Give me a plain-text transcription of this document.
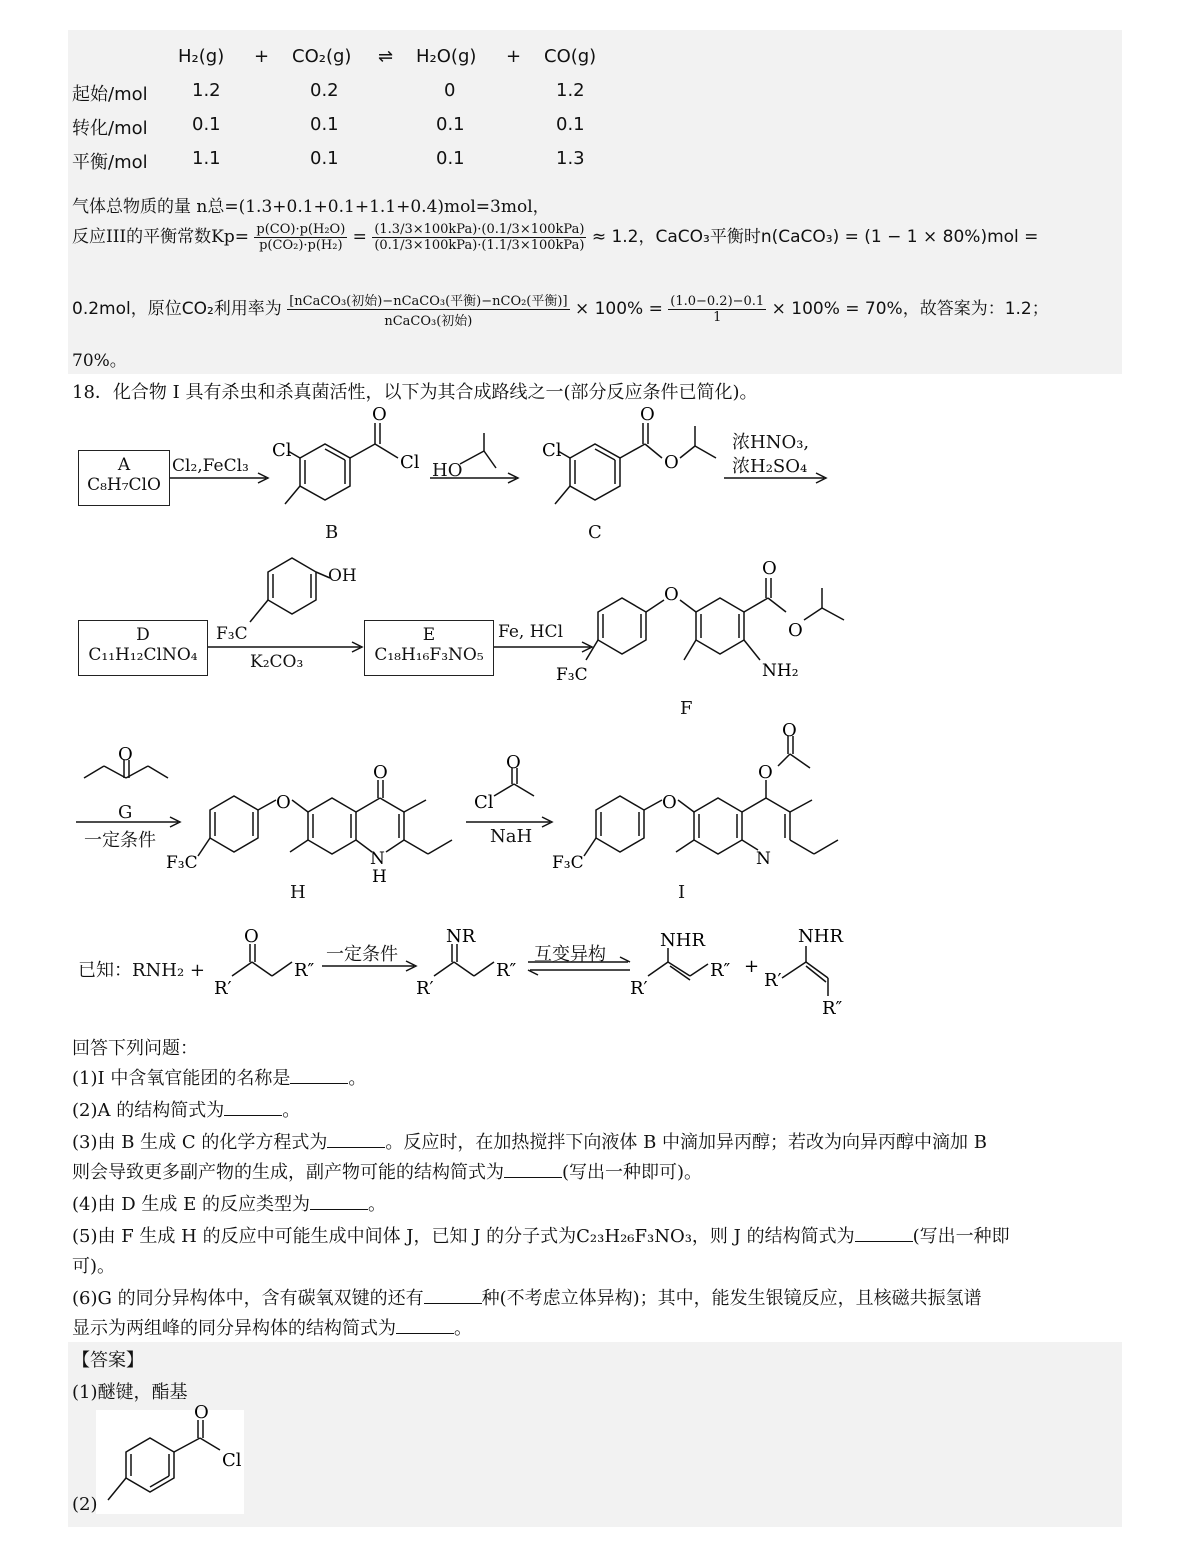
H₂(g) + CO₂(g) ⇌ H₂O(g) + CO(g)
起始/mol 1.2	0.2	0	1.2
转化/mol 0.1	0.1	0.1	0.1
平衡/mol 1.1	0.1	0.1	1.3
气体总物质的量 n总=(1.3+0.1+0.1+1.1+0.4)mol=3mol，
反应III的平衡常数$Kp= \frac{\text{p(CO)·p(H₂O)}}{\text{p(CO₂)·p(H₂)}} = \frac{\text{(1.3/3×100kPa)·(0.1/3×100kPa)}}{\text{(0.1/3×100kPa)·(1.1/3×100kPa)}} \approx 1.2$，CaCO₃平衡时n(CaCO₃) = (1 − 1 × 80%)mol =
0.2mol，原位CO₂利用率为 $\frac{\text{[nCaCO₃(初始)−nCaCO₃(平衡)−nCO₂(平衡)]}}{\text{nCaCO₃(初始)}} \times 100\% = \frac{(1.0-0.2)-0.1}{1} \times 100\% = 70\%$，故答案为：1.2；
70%。
18．化合物 I 具有杀虫和杀真菌活性，以下为其合成路线之一(部分反应条件已简化)。
A
C₈H₇ClO
Cl₂,FeCl₃
Cl
O
Cl
Cl
O
O
HO
B	C
浓HNO₃,
浓H₂SO₄
D
C₁₁H₁₂ClNO₄
E
C₁₈H₁₆F₃NO₅
F₃C
OH
K₂CO₃
Fe, HCl
F
O
O
O
NH₂
F₃C
G
一定条件
H	I
NaH
O
O
O
N
H
F₃C
O
Cl	O
O
O
N
F₃C
已知：RNH₂ +
一定条件	互变异构
O
R′
R″
NR
R′
R″
NHR
R′
R″ +
NHR
R′
R″
回答下列问题：
(1)I 中含氧官能团的名称是	。
(2)A 的结构简式为	。
(3)由 B 生成 C 的化学方程式为	。反应时，在加热搅拌下向液体 B 中滴加异丙醇；若改为向异丙醇中滴加 B
则会导致更多副产物的生成，副产物可能的结构简式为	(写出一种即可)。
(4)由 D 生成 E 的反应类型为	。
(5)由 F 生成 H 的反应中可能生成中间体 J，已知 J 的分子式为C₂₃H₂₆F₃NO₃，则 J 的结构简式为	(写出一种即
可)。
(6)G 的同分异构体中，含有碳氧双键的还有	种(不考虑立体异构)；其中，能发生银镜反应，且核磁共振氢谱
显示为两组峰的同分异构体的结构简式为	。
【答案】
(1)醚键，酯基
(2)
O
Cl
